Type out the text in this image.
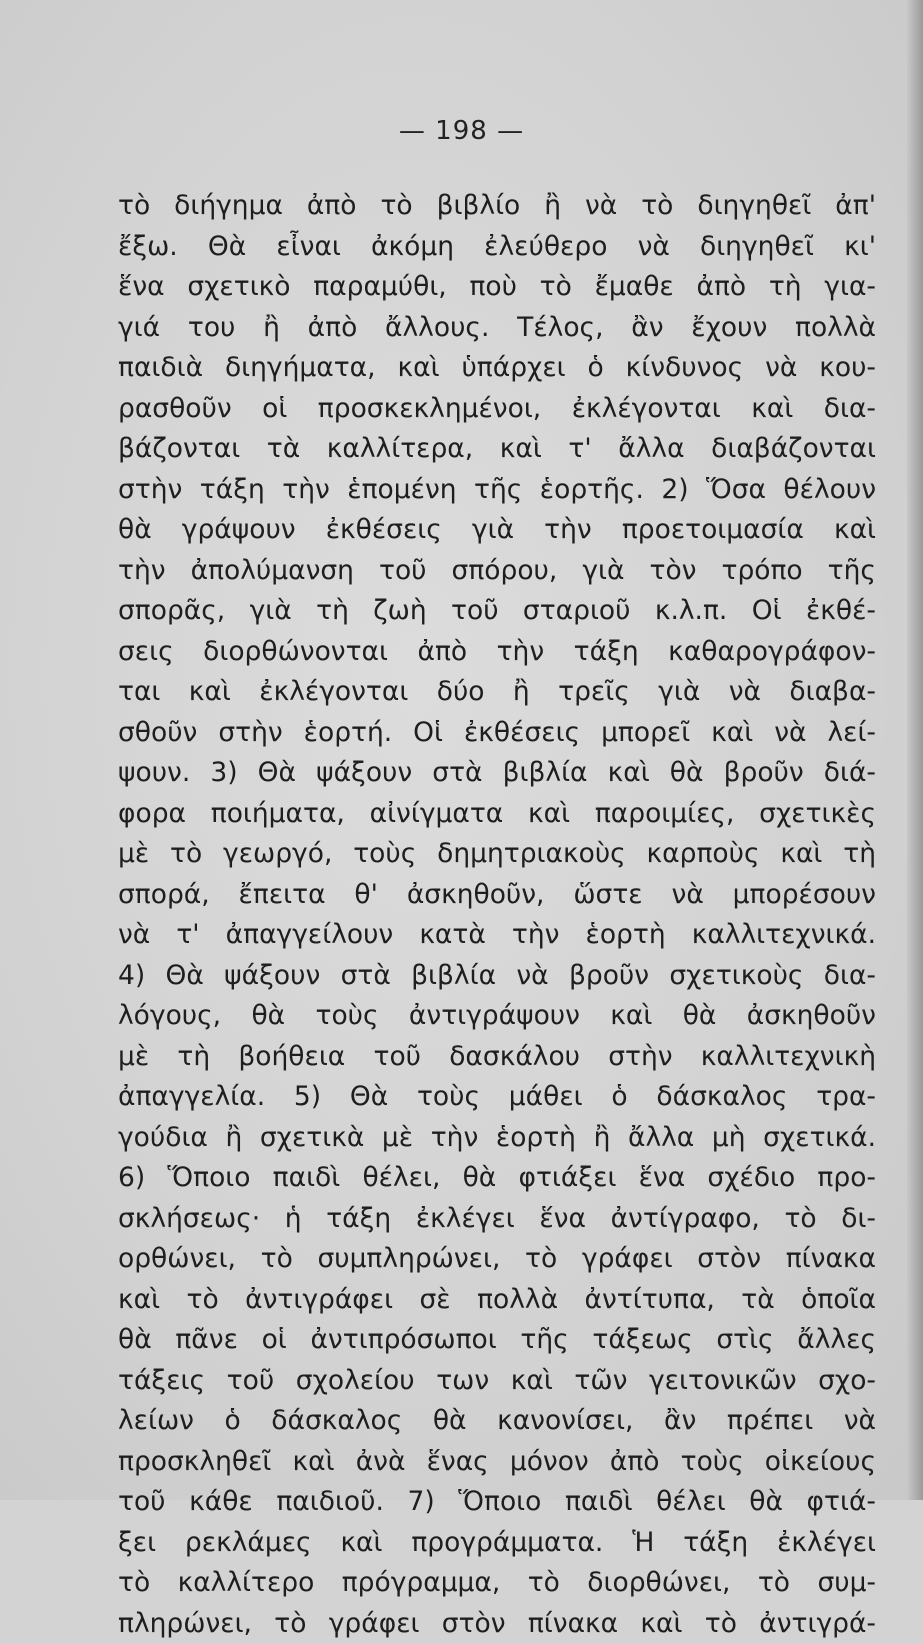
— 198 —
τὸ διήγημα ἀπὸ τὸ βιβλίο ἢ νὰ τὸ διηγηθεῖ ἀπ'
ἔξω. Θὰ εἶναι ἀκόμη ἐλεύθερο νὰ διηγηθεῖ κι'
ἕνα σχετικὸ παραμύθι, ποὺ τὸ ἔμαθε ἀπὸ τὴ για-
γιά του ἢ ἀπὸ ἄλλους. Τέλος, ἂν ἔχουν πολλὰ
παιδιὰ διηγήματα, καὶ ὑπάρχει ὁ κίνδυνος νὰ κου-
ρασθοῦν οἱ προσκεκλημένοι, ἐκλέγονται καὶ δια-
βάζονται τὰ καλλίτερα, καὶ τ' ἄλλα διαβάζονται
στὴν τάξη τὴν ἑπομένη τῆς ἑορτῆς. 2) Ὅσα θέλουν
θὰ γράψουν ἐκθέσεις γιὰ τὴν προετοιμασία καὶ
τὴν ἀπολύμανση τοῦ σπόρου, γιὰ τὸν τρόπο τῆς
σπορᾶς, γιὰ τὴ ζωὴ τοῦ σταριοῦ κ.λ.π. Οἱ ἐκθέ-
σεις διορθώνονται ἀπὸ τὴν τάξη καθαρογράφον-
ται καὶ ἐκλέγονται δύο ἢ τρεῖς γιὰ νὰ διαβα-
σθοῦν στὴν ἑορτή. Οἱ ἐκθέσεις μπορεῖ καὶ νὰ λεί-
ψουν. 3) Θὰ ψάξουν στὰ βιβλία καὶ θὰ βροῦν διά-
φορα ποιήματα, αἰνίγματα καὶ παροιμίες, σχετικὲς
μὲ τὸ γεωργό, τοὺς δημητριακοὺς καρποὺς καὶ τὴ
σπορά, ἔπειτα θ' ἀσκηθοῦν, ὥστε νὰ μπορέσουν
νὰ τ' ἀπαγγείλουν κατὰ τὴν ἑορτὴ καλλιτεχνικά.
4) Θὰ ψάξουν στὰ βιβλία νὰ βροῦν σχετικοὺς δια-
λόγους, θὰ τοὺς ἀντιγράψουν καὶ θὰ ἀσκηθοῦν
μὲ τὴ βοήθεια τοῦ δασκάλου στὴν καλλιτεχνικὴ
ἀπαγγελία. 5) Θὰ τοὺς μάθει ὁ δάσκαλος τρα-
γούδια ἢ σχετικὰ μὲ τὴν ἑορτὴ ἢ ἄλλα μὴ σχετικά.
6) Ὅποιο παιδὶ θέλει, θὰ φτιάξει ἕνα σχέδιο προ-
σκλήσεως· ἡ τάξη ἐκλέγει ἕνα ἀντίγραφο, τὸ δι-
ορθώνει, τὸ συμπληρώνει, τὸ γράφει στὸν πίνακα
καὶ τὸ ἀντιγράφει σὲ πολλὰ ἀντίτυπα, τὰ ὁποῖα
θὰ πᾶνε οἱ ἀντιπρόσωποι τῆς τάξεως στὶς ἄλλες
τάξεις τοῦ σχολείου των καὶ τῶν γειτονικῶν σχο-
λείων ὁ δάσκαλος θὰ κανονίσει, ἂν πρέπει νὰ
προσκληθεῖ καὶ ἀνὰ ἕνας μόνον ἀπὸ τοὺς οἰκείους
τοῦ κάθε παιδιοῦ. 7) Ὅποιο παιδὶ θέλει θὰ φτιά-
ξει ρεκλάμες καὶ προγράμματα. Ἡ τάξη ἐκλέγει
τὸ καλλίτερο πρόγραμμα, τὸ διορθώνει, τὸ συμ-
πληρώνει, τὸ γράφει στὸν πίνακα καὶ τὸ ἀντιγρά-
